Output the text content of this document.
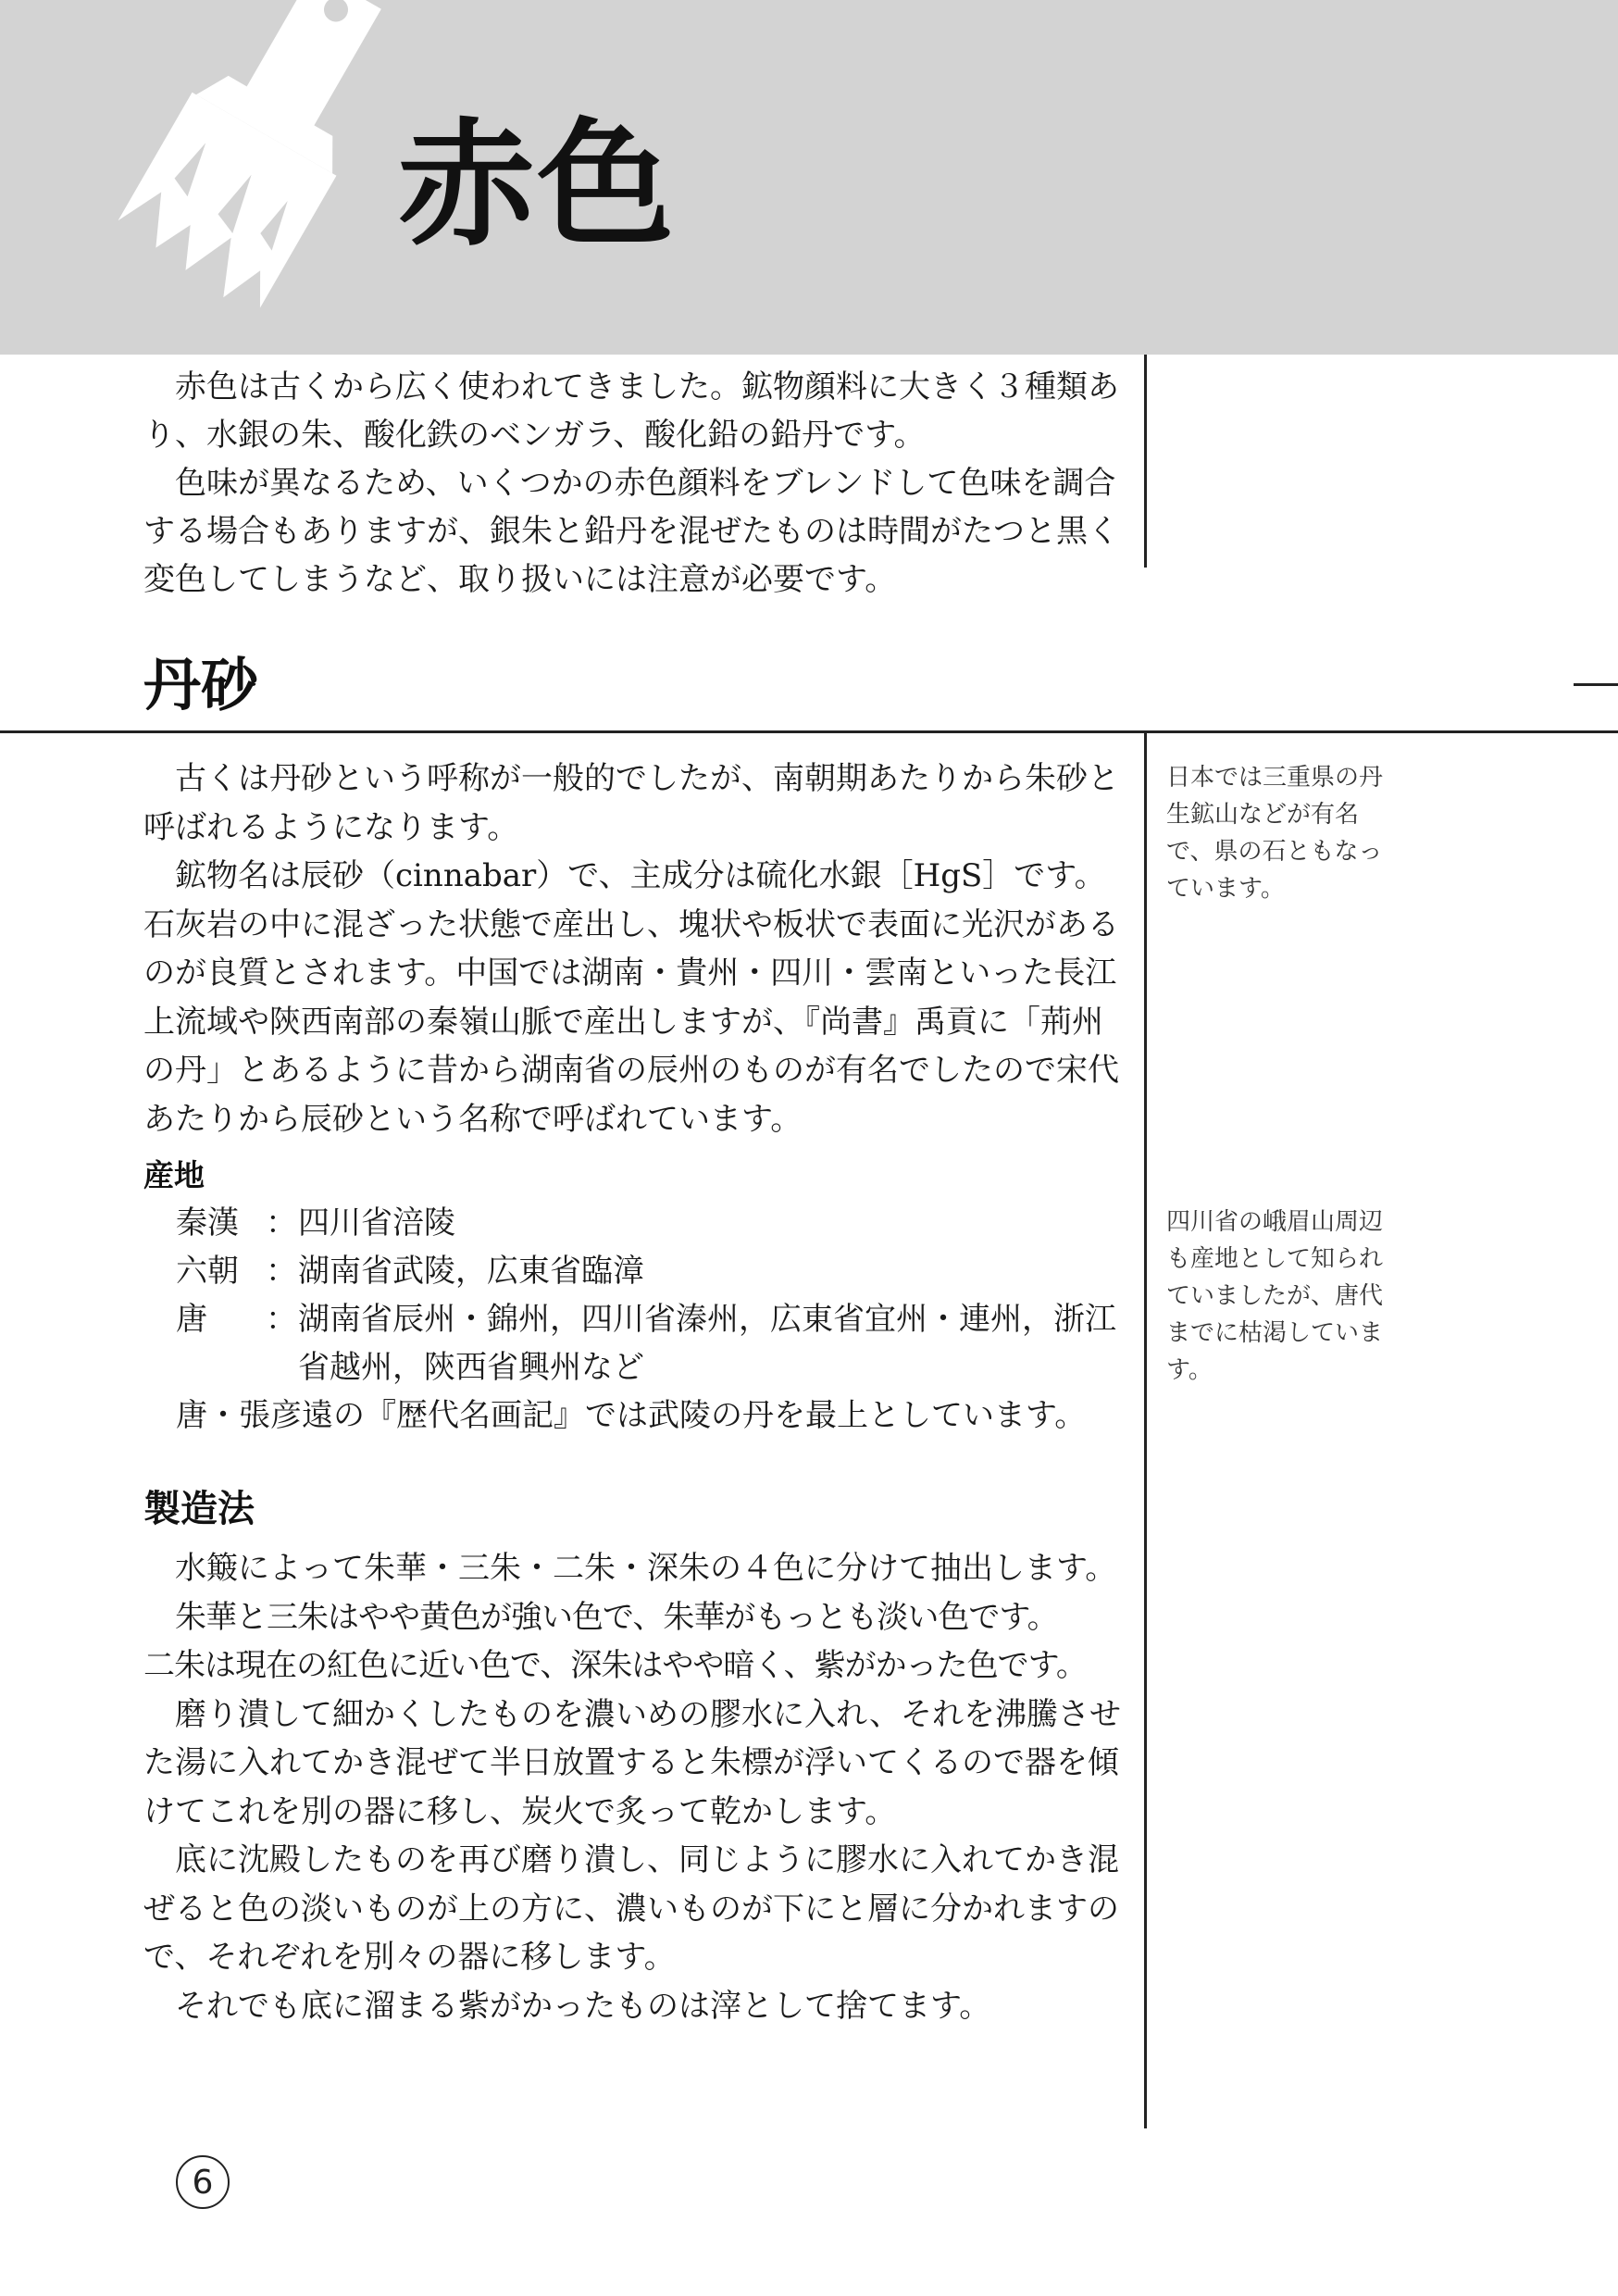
赤色

赤色は古くから広く使われてきました。鉱物顔料に大きく３種類あり、水銀の朱、酸化鉄のベンガラ、酸化鉛の鉛丹です。

色味が異なるため、いくつかの赤色顔料をブレンドして色味を調合する場合もありますが、銀朱と鉛丹を混ぜたものは時間がたつと黒く変色してしまうなど、取り扱いには注意が必要です。

丹砂

古くは丹砂という呼称が一般的でしたが、南朝期あたりから朱砂と呼ばれるようになります。

鉱物名は辰砂（cinnabar）で、主成分は硫化水銀［HgS］です。石灰岩の中に混ざった状態で産出し、塊状や板状で表面に光沢があるのが良質とされます。中国では湖南・貴州・四川・雲南といった長江上流域や陝西南部の秦嶺山脈で産出しますが、『尚書』禹貢に「荊州の丹」とあるように昔から湖南省の辰州のものが有名でしたので宋代あたりから辰砂という名称で呼ばれています。

産地
秦漢 ： 四川省涪陵
六朝 ： 湖南省武陵，広東省臨漳
唐	： 湖南省辰州・錦州，四川省溱州，広東省宜州・連州，浙江省越州，陝西省興州など
唐・張彦遠の『歴代名画記』では武陵の丹を最上としています。
製造法

水簸によって朱華・三朱・二朱・深朱の４色に分けて抽出します。

朱華と三朱はやや黄色が強い色で、朱華がもっとも淡い色です。

二朱は現在の紅色に近い色で、深朱はやや暗く、紫がかった色です。

磨り潰して細かくしたものを濃いめの膠水に入れ、それを沸騰させた湯に入れてかき混ぜて半日放置すると朱標が浮いてくるので器を傾けてこれを別の器に移し、炭火で炙って乾かします。

底に沈殿したものを再び磨り潰し、同じように膠水に入れてかき混ぜると色の淡いものが上の方に、濃いものが下にと層に分かれますので、それぞれを別々の器に移します。

それでも底に溜まる紫がかったものは滓として捨てます。

日本では三重県の丹生鉱山などが有名で、県の石ともなっています。
四川省の峨眉山周辺も産地として知られていましたが、唐代までに枯渇しています。
6
